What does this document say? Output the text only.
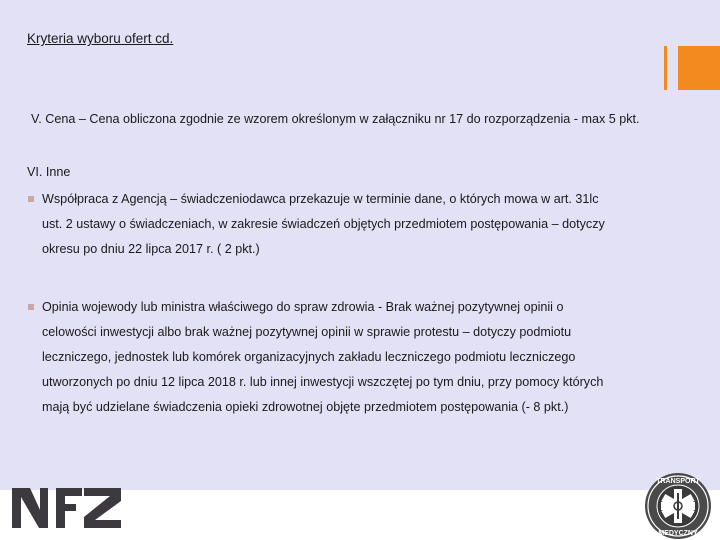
Kryteria wyboru ofert cd.
V. Cena – Cena obliczona zgodnie ze wzorem określonym w załączniku nr 17 do rozporządzenia - max 5 pkt.
VI. Inne
Współpraca z Agencją – świadczeniodawca przekazuje w terminie dane, o których mowa w art. 31lc
ust. 2 ustawy o świadczeniach, w zakresie świadczeń objętych przedmiotem postępowania – dotyczy
okresu po dniu 22 lipca 2017 r. ( 2 pkt.)
Opinia wojewody lub ministra właściwego do spraw zdrowia - Brak ważnej pozytywnej opinii o
celowości inwestycji albo brak ważnej pozytywnej opinii w sprawie protestu – dotyczy podmiotu
leczniczego, jednostek lub komórek organizacyjnych zakładu leczniczego podmiotu leczniczego
utworzonych po dniu 12 lipca 2018 r. lub innej inwestycji wszczętej po tym dniu, przy pomocy których
mają być udzielane świadczenia opieki zdrowotnej objęte przedmiotem postępowania (- 8 pkt.)
TRANSPORT
MEDYCZNY
